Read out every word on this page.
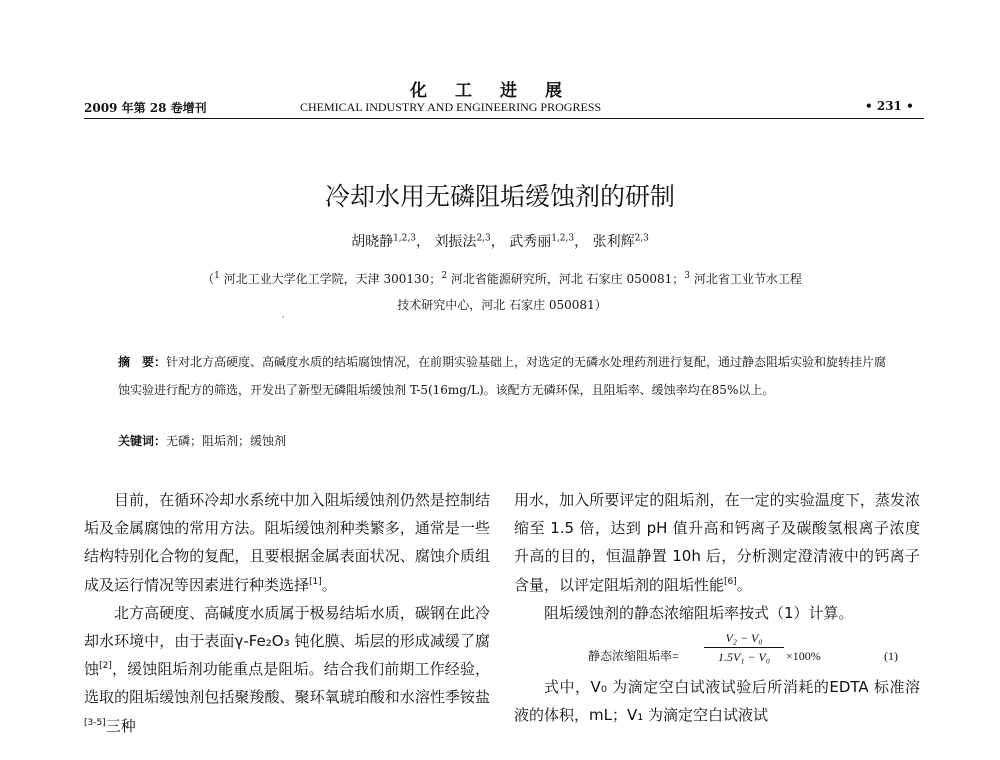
化工进展
2009 年第 28 卷增刊	CHEMICAL INDUSTRY AND ENGINEERING PROGRESS	• 231 •
冷却水用无磷阻垢缓蚀剂的研制
胡晓静$^{1,2,3}$， 刘振法$^{2,3}$， 武秀丽$^{1,2,3}$， 张利辉$^{2,3}$
（$^1$ 河北工业大学化工学院，天津 300130；$^2$ 河北省能源研究所，河北 石家庄 050081；$^3$ 河北省工业节水工程
技术研究中心，河北 石家庄 050081）
·
摘　要：针对北方高硬度、高碱度水质的结垢腐蚀情况，在前期实验基础上，对选定的无磷水处理药剂进行复配，通过静态阻垢实验和旋转挂片腐蚀实验进行配方的筛选，开发出了新型无磷阻垢缓蚀剂 T-5(16mg/L)。该配方无磷环保，且阻垢率、缓蚀率均在85%以上。
关键词：无磷；阻垢剂；缓蚀剂

目前，在循环冷却水系统中加入阻垢缓蚀剂仍然是控制结垢及金属腐蚀的常用方法。阻垢缓蚀剂种类繁多，通常是一些结构特别化合物的复配，且要根据金属表面状况、腐蚀介质组成及运行情况等因素进行种类选择[1]。

北方高硬度、高碱度水质属于极易结垢水质，碳钢在此冷却水环境中，由于表面γ-Fe₂O₃ 钝化膜、垢层的形成减缓了腐蚀[2]，缓蚀阻垢剂功能重点是阻垢。结合我们前期工作经验，选取的阻垢缓蚀剂包括聚羧酸、聚环氧琥珀酸和水溶性季铵盐[3-5]三种

用水，加入所要评定的阻垢剂，在一定的实验温度下，蒸发浓缩至 1.5 倍，达到 pH 值升高和钙离子及碳酸氢根离子浓度升高的目的，恒温静置 10h 后，分析测定澄清液中的钙离子含量，以评定阻垢剂的阻垢性能[6]。

阻垢缓蚀剂的静态浓缩阻垢率按式（1）计算。

静态浓缩阻垢率= $\frac{\text{V₂ − V₀}}{\text{1.5V₁ − V₀}} \times 100\%$	(1)

式中，V₀ 为滴定空白试液试验后所消耗的EDTA 标准溶液的体积，mL；V₁ 为滴定空白试液试
